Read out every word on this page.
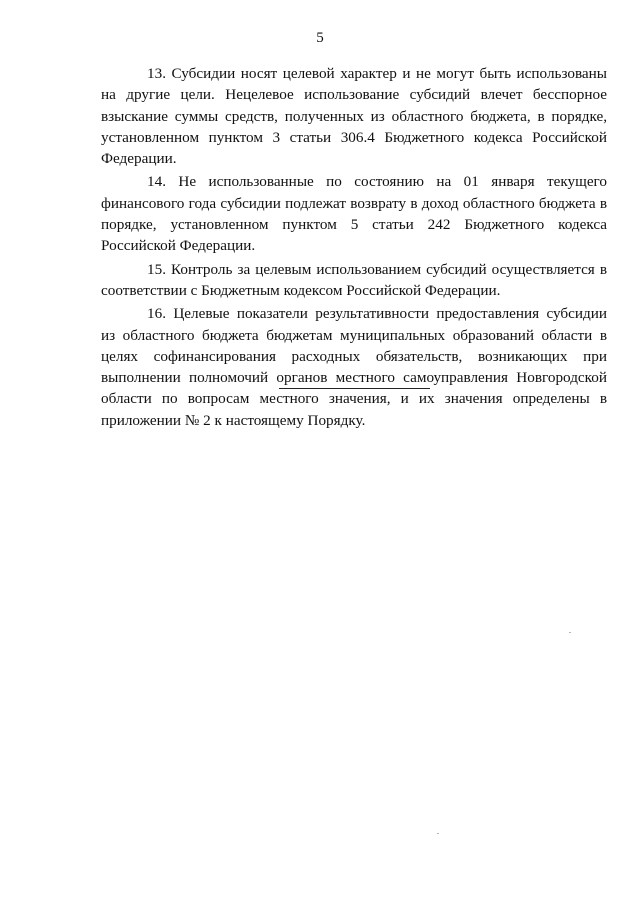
5

13. Субсидии носят целевой характер и не могут быть использованы на другие цели. Нецелевое использование субсидий влечет бесспорное взыскание суммы средств, полученных из областного бюджета, в порядке, установленном пунктом 3 статьи 306.4 Бюджетного кодекса Российской Федерации.

14. Не использованные по состоянию на 01 января текущего финансового года субсидии подлежат возврату в доход областного бюджета в порядке, установленном пунктом 5 статьи 242 Бюджетного кодекса Российской Федерации.

15. Контроль за целевым использованием субсидий осуществляется в соответствии с Бюджетным кодексом Российской Федерации.

16. Целевые показатели результативности предоставления субсидии из областного бюджета бюджетам муниципальных образований области в целях софинансирования расходных обязательств, возникающих при выполнении полномочий органов местного самоуправления Новгородской области по вопросам местного значения, и их значения определены в приложении № 2 к настоящему Порядку.
